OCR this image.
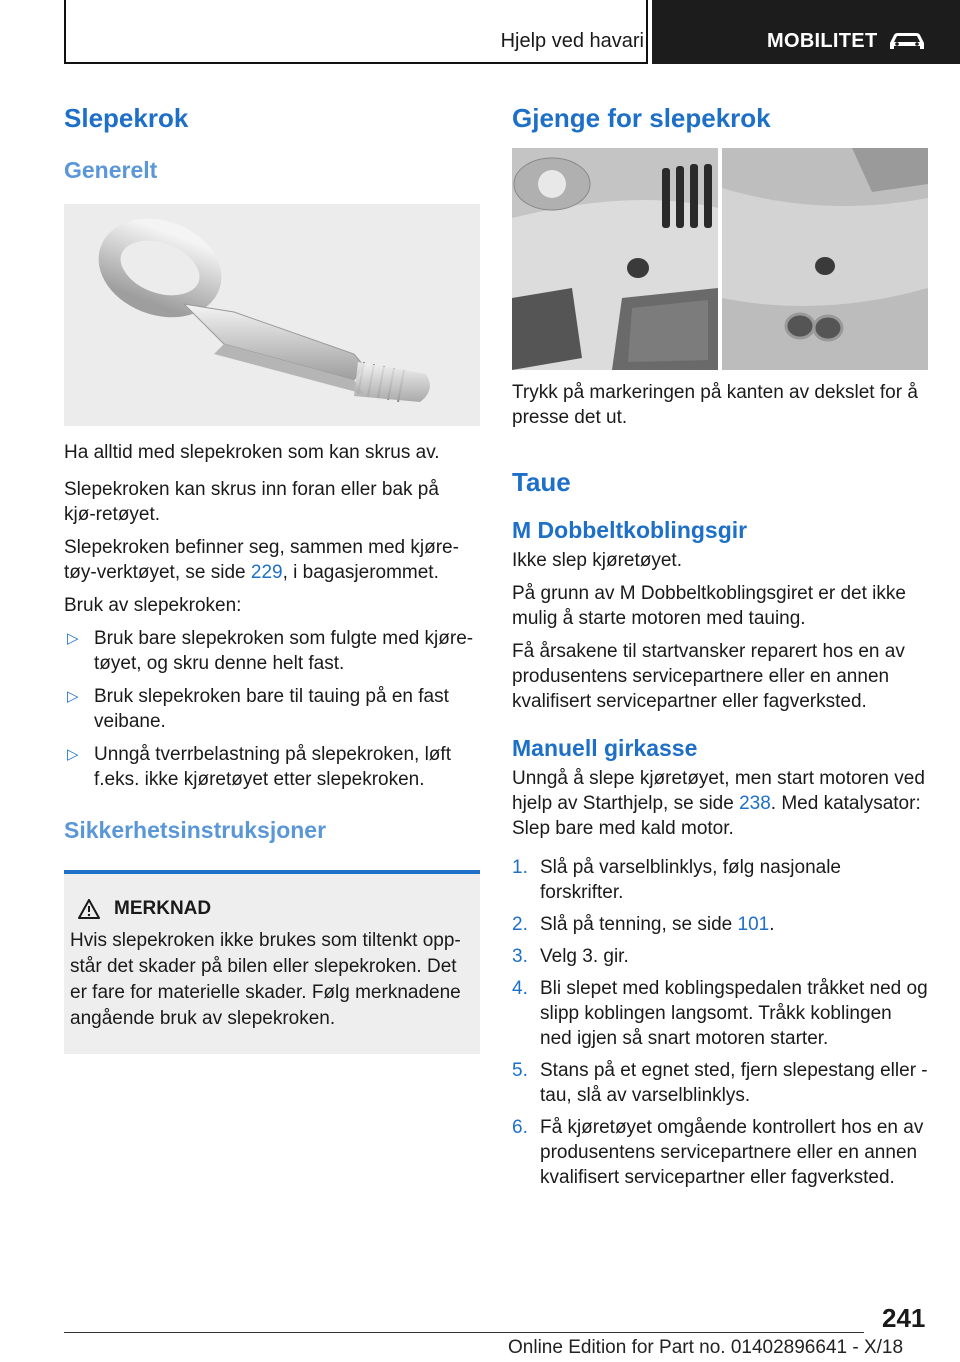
Hjelp ved havari	MOBILITET
Slepekrok
Generelt

Ha alltid med slepekroken som kan skrus av.

Slepekroken kan skrus inn foran eller bak på kjø-retøyet.

Slepekroken befinner seg, sammen med kjøre-tøy-verktøyet, se side 229, i bagasjerommet.

Bruk av slepekroken:

▷ Bruk bare slepekroken som fulgte med kjøre-tøyet, og skru denne helt fast.
▷ Bruk slepekroken bare til tauing på en fast veibane.
▷ Unngå tverrbelastning på slepekroken, løft f.eks. ikke kjøretøyet etter slepekroken.
Sikkerhetsinstruksjoner
MERKNAD

Hvis slepekroken ikke brukes som tiltenkt opp-står det skader på bilen eller slepekroken. Det er fare for materielle skader. Følg merknadene angående bruk av slepekroken.

Gjenge for slepekrok

Trykk på markeringen på kanten av dekslet for å presse det ut.

Taue
M Dobbeltkoblingsgir

Ikke slep kjøretøyet.

På grunn av M Dobbeltkoblingsgiret er det ikke mulig å starte motoren med tauing.

Få årsakene til startvansker reparert hos en av produsentens servicepartnere eller en annen kvalifisert servicepartner eller fagverksted.

Manuell girkasse

Unngå å slepe kjøretøyet, men start motoren ved hjelp av Starthjelp, se side 238. Med katalysator: Slep bare med kald motor.

1. Slå på varselblinklys, følg nasjonale forskrifter.
2. Slå på tenning, se side 101.
3. Velg 3. gir.
4. Bli slepet med koblingspedalen tråkket ned og slipp koblingen langsomt. Tråkk koblingen ned igjen så snart motoren starter.
5. Stans på et egnet sted, fjern slepestang eller -tau, slå av varselblinklys.
6. Få kjøretøyet omgående kontrollert hos en av produsentens servicepartnere eller en annen kvalifisert servicepartner eller fagverksted.
241
Online Edition for Part no. 01402896641 - X/18
